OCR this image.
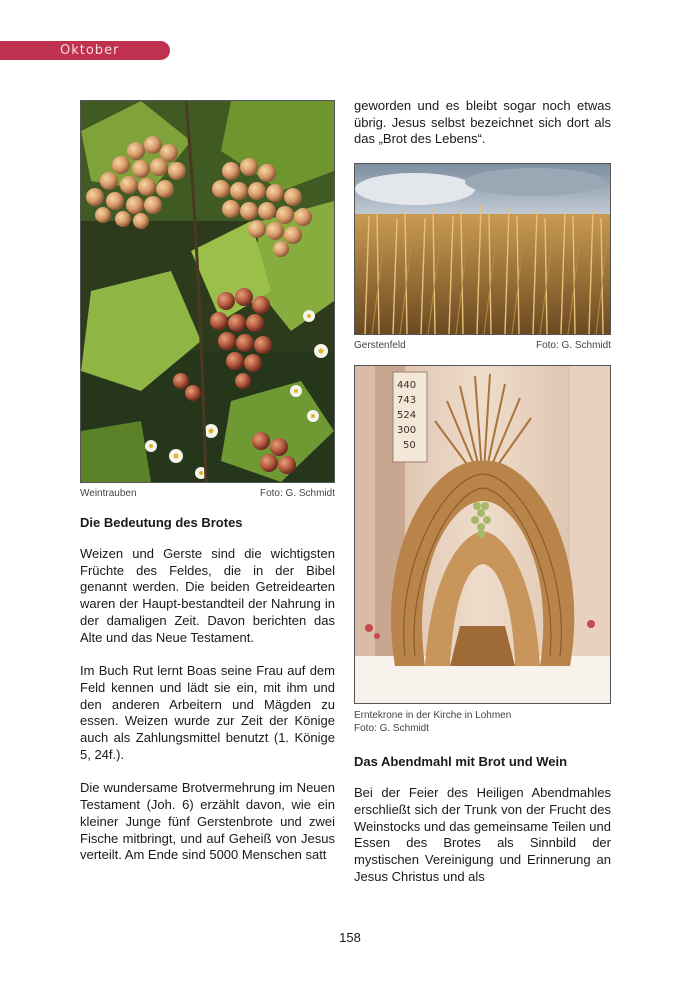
Oktober
Weintrauben	Foto: G. Schmidt
Die Bedeutung des Brotes

Weizen und Gerste sind die wichtigsten Früchte des Feldes, die in der Bibel genannt werden. Die beiden Getreidearten waren der Haupt-bestandteil der Nahrung in der damaligen Zeit. Davon berichten das Alte und das Neue Testament.

Im Buch Rut lernt Boas seine Frau auf dem Feld kennen und lädt sie ein, mit ihm und den anderen Arbeitern und Mägden zu essen. Weizen wurde zur Zeit der Könige auch als Zahlungsmittel benutzt (1. Könige 5, 24f.).

Die wundersame Brotvermehrung im Neuen Testament (Joh. 6) erzählt davon, wie ein kleiner Junge fünf Gerstenbrote und zwei Fische mitbringt, und auf Geheiß von Jesus verteilt. Am Ende sind 5000 Menschen satt

geworden und es bleibt sogar noch etwas übrig. Jesus selbst bezeichnet sich dort als das „Brot des Lebens“.

Gerstenfeld	Foto: G. Schmidt
440
743
524
300
50
Erntekrone in der Kirche in Lohmen
Foto: G. Schmidt
Das Abendmahl mit Brot und Wein

Bei der Feier des Heiligen Abendmahles erschließt sich der Trunk von der Frucht des Weinstocks und das gemeinsame Teilen und Essen des Brotes als Sinnbild der mystischen Vereinigung und Erinnerung an Jesus Christus und als

158
